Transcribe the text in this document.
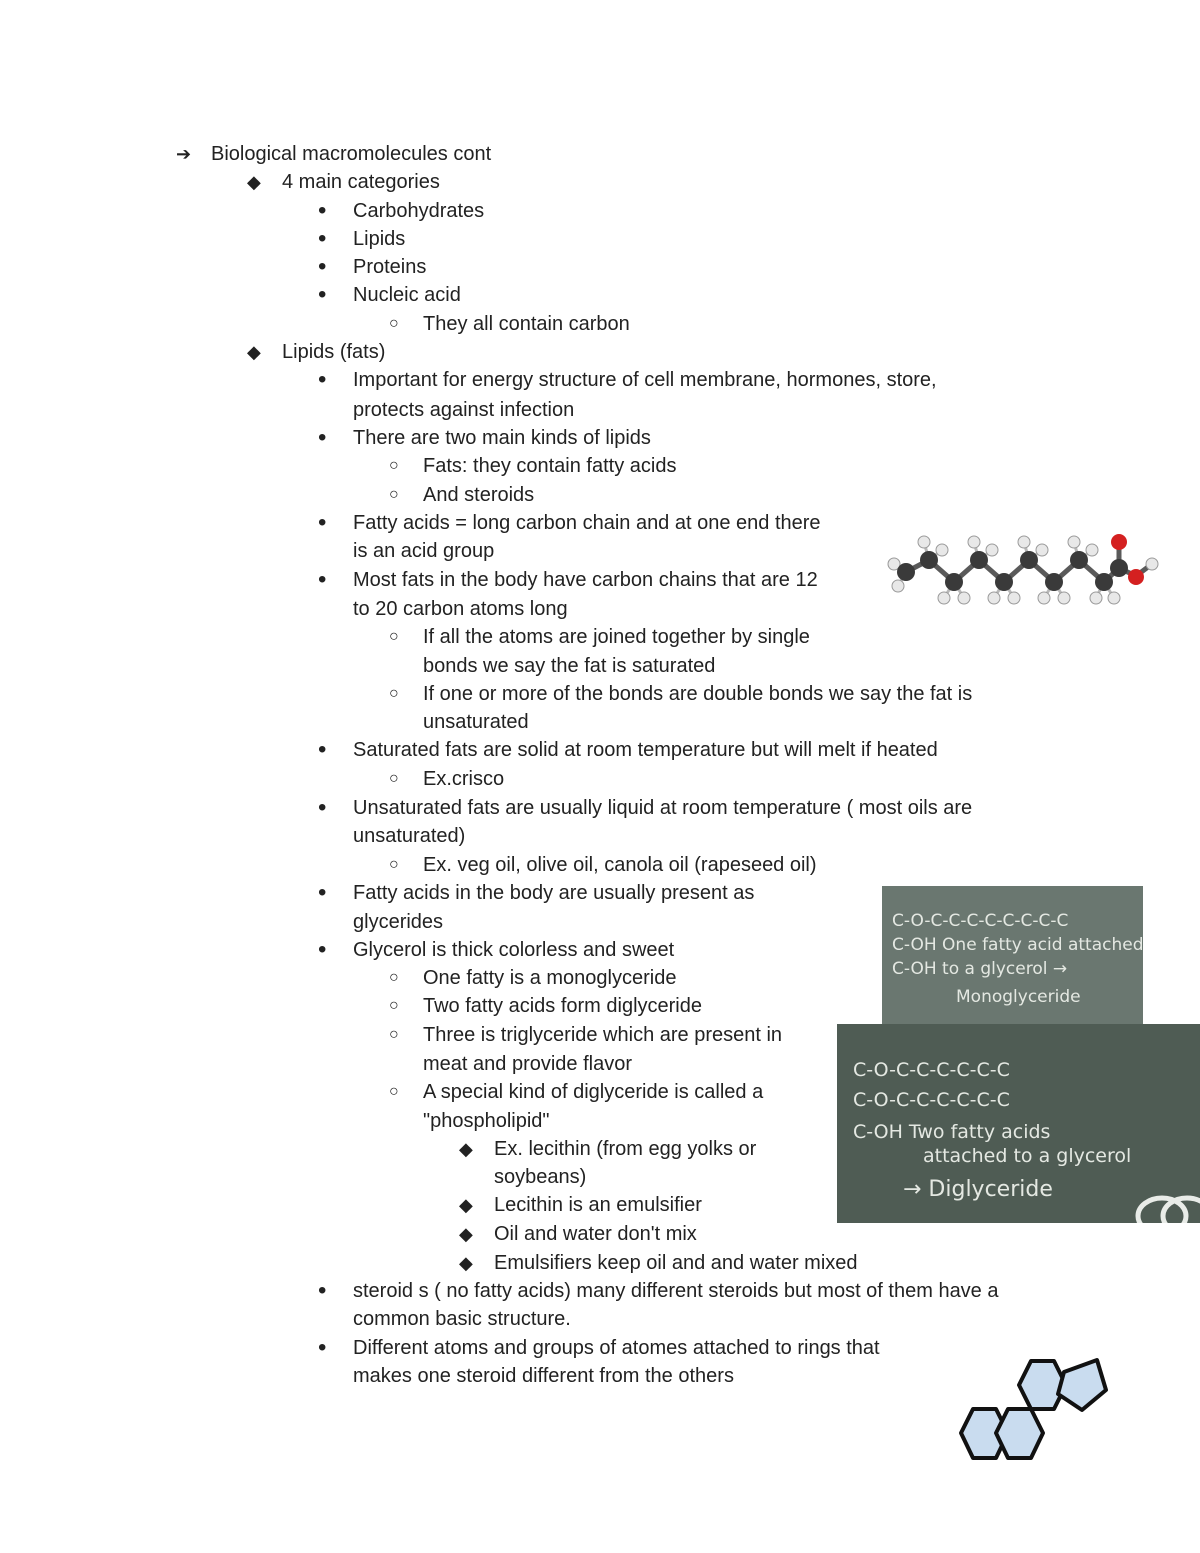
➔
◆
•
•
•
•
○
◆
•
•
○
○
•
•
○
○
•
○
•
○
•
•
○
○
○
○
◆
◆
◆
◆
•
•
Biological macromolecules cont
4 main categories
Carbohydrates
Lipids
Proteins
Nucleic acid
They all contain carbon
Lipids (fats)
Important for energy structure of cell membrane, hormones, store,
protects against infection
There are two main kinds of lipids
Fats: they contain fatty acids
And steroids
Fatty acids = long carbon chain and at one end there
is an acid group
Most fats in the body have carbon chains that are 12
to 20 carbon atoms long
If all the atoms are joined together by single
bonds we say the fat is saturated
If one or more of the bonds are double bonds we say the fat is
unsaturated
Saturated fats are solid at room temperature but will melt if heated
Ex.crisco
Unsaturated fats are usually liquid at room temperature ( most oils are
unsaturated)
Ex. veg oil, olive oil, canola oil (rapeseed oil)
Fatty acids in the body are usually present as
glycerides
Glycerol is thick colorless and sweet
One fatty is a monoglyceride
Two fatty acids form diglyceride
Three is triglyceride which are present in
meat and provide flavor
A special kind of diglyceride is called a
"phospholipid"
Ex. lecithin (from egg yolks or
soybeans)
Lecithin is an emulsifier
Oil and water don't mix
Emulsifiers keep oil and and water mixed
steroid s ( no fatty acids) many different steroids but most of them have a
common basic structure.
Different atoms and groups of atomes attached to rings that
makes one steroid different from the others
C-O-C-C-C-C-C-C-C-C
C-OH One fatty acid attached
C-OH to a glycerol →
Monoglyceride
C-O-C-C-C-C-C-C
C-O-C-C-C-C-C-C
C-OH Two fatty acids
attached to a glycerol
→ Diglyceride
